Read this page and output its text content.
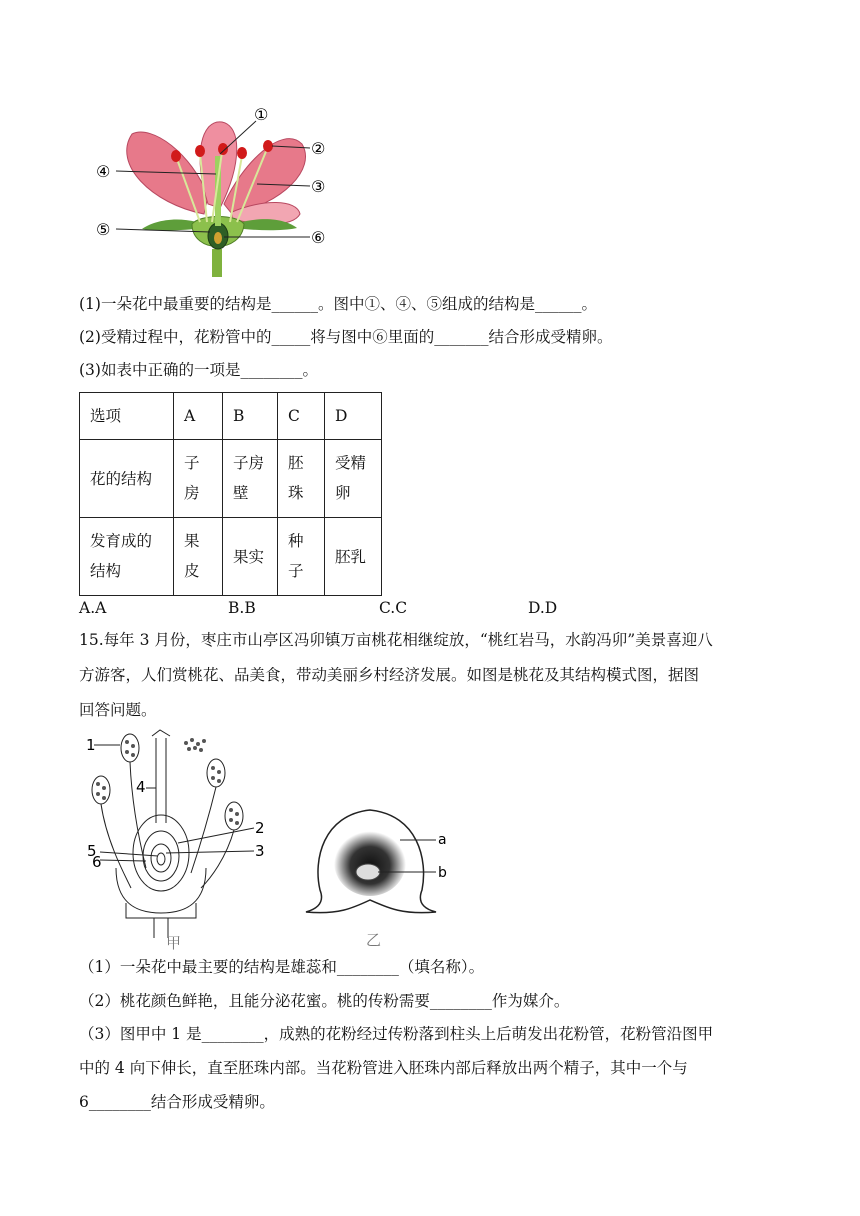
①
②
③
④
⑤	⑥
(1)一朵花中最重要的结构是______。图中①、④、⑤组成的结构是______。
(2)受精过程中，花粉管中的_____将与图中⑥里面的_______结合形成受精卵。
(3)如表中正确的一项是________。
选项	A	B	C	D
花的结构	子房	子房壁	胚珠	受精卵

发育成的结构	果皮	果实	种子	胚乳
A.A	B.B	C.C	D.D
15.每年 3 月份，枣庄市山亭区冯卯镇万亩桃花相继绽放，“桃红岩马，水韵冯卯”美景喜迎八
方游客，人们赏桃花、品美食，带动美丽乡村经济发展。如图是桃花及其结构模式图，据图
回答问题。
1
4
2
3
5
6
甲
a
b
乙
（1）一朵花中最主要的结构是雄蕊和________（填名称）。
（2）桃花颜色鲜艳，且能分泌花蜜。桃的传粉需要________作为媒介。
（3）图甲中 1 是________，成熟的花粉经过传粉落到柱头上后萌发出花粉管，花粉管沿图甲
中的 4 向下伸长，直至胚珠内部。当花粉管进入胚珠内部后释放出两个精子，其中一个与
6________结合形成受精卵。
